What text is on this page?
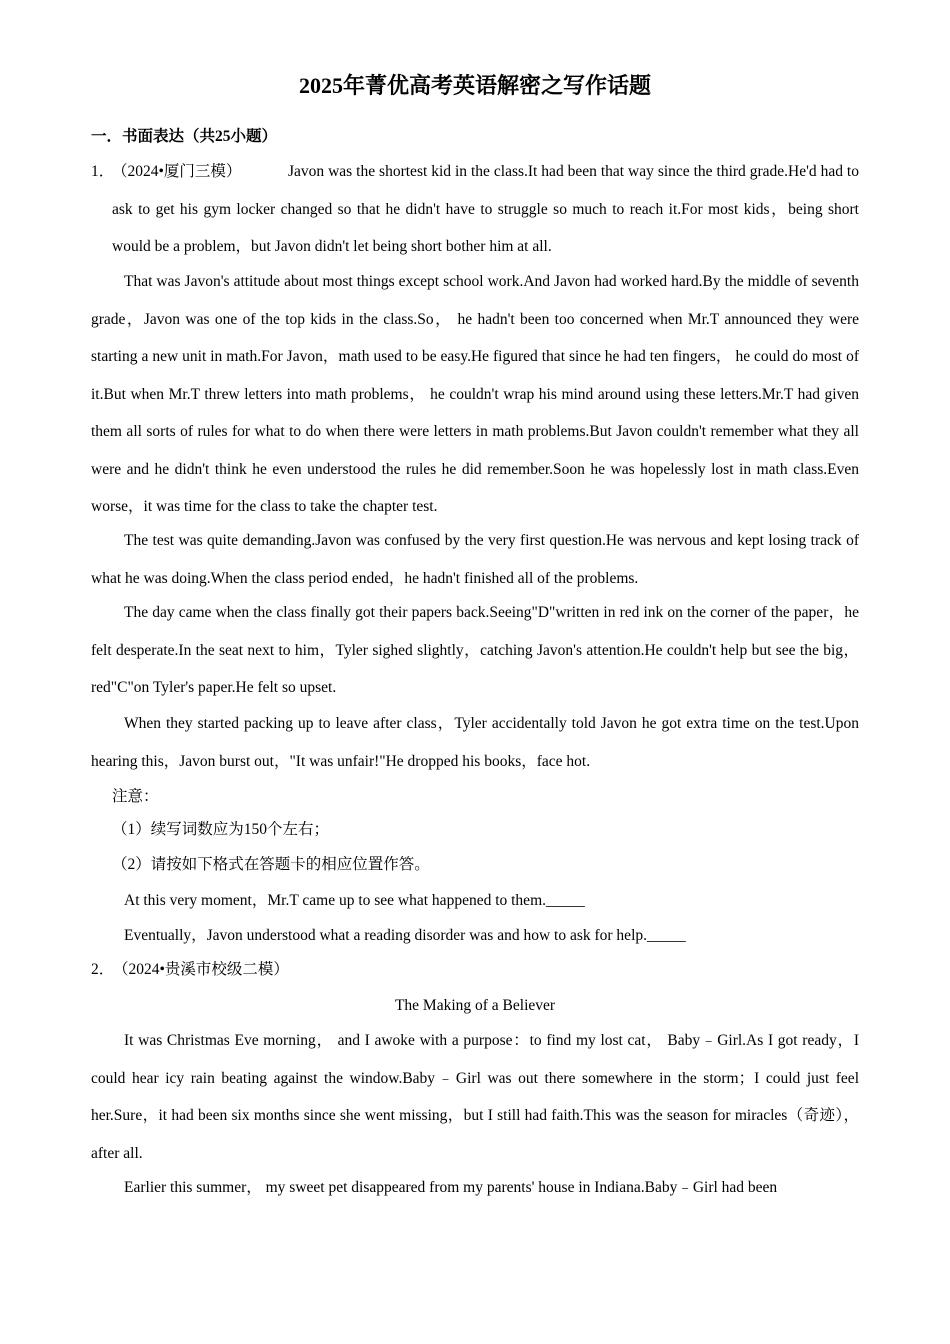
2025年菁优高考英语解密之写作话题
一．书面表达（共25小题）
1．
（2024•厦门三模）	Javon was the shortest kid in the class.It had been that way since the third grade.He'd had to ask to get his gym locker changed so that he didn't have to struggle so much to reach it.For most kids，being short would be a problem，but Javon didn't let being short bother him at all.
That was Javon's attitude about most things except school work.And Javon had worked hard.By the middle of seventh grade，Javon was one of the top kids in the class.So， he hadn't been too concerned when Mr.T announced they were starting a new unit in math.For Javon，math used to be easy.He figured that since he had ten fingers， he could do most of it.But when Mr.T threw letters into math problems， he couldn't wrap his mind around using these letters.Mr.T had given them all sorts of rules for what to do when there were letters in math problems.But Javon couldn't remember what they all were and he didn't think he even understood the rules he did remember.Soon he was hopelessly lost in math class.Even worse，it was time for the class to take the chapter test.
The test was quite demanding.Javon was confused by the very first question.He was nervous and kept losing track of what he was doing.When the class period ended，he hadn't finished all of the problems.
The day came when the class finally got their papers back.Seeing"D"written in red ink on the corner of the paper，he felt desperate.In the seat next to him，Tyler sighed slightly，catching Javon's attention.He couldn't help but see the big，red"C"on Tyler's paper.He felt so upset.
When they started packing up to leave after class，Tyler accidentally told Javon he got extra time on the test.Upon hearing this，Javon burst out，"It was unfair!"He dropped his books，face hot.
注意：
（1）续写词数应为150个左右；
（2）请按如下格式在答题卡的相应位置作答。
At this very moment，Mr.T came up to see what happened to them._____
Eventually，Javon understood what a reading disorder was and how to ask for help._____
2．（2024•贵溪市校级二模）
The Making of a Believer
It was Christmas Eve morning， and I awoke with a purpose：to find my lost cat， Baby﹣Girl.As I got ready，I could hear icy rain beating against the window.Baby﹣Girl was out there somewhere in the storm；I could just feel her.Sure，it had been six months since she went missing，but I still had faith.This was the season for miracles（奇迹），after all.
Earlier this summer， my sweet pet disappeared from my parents' house in Indiana.Baby﹣Girl had been
